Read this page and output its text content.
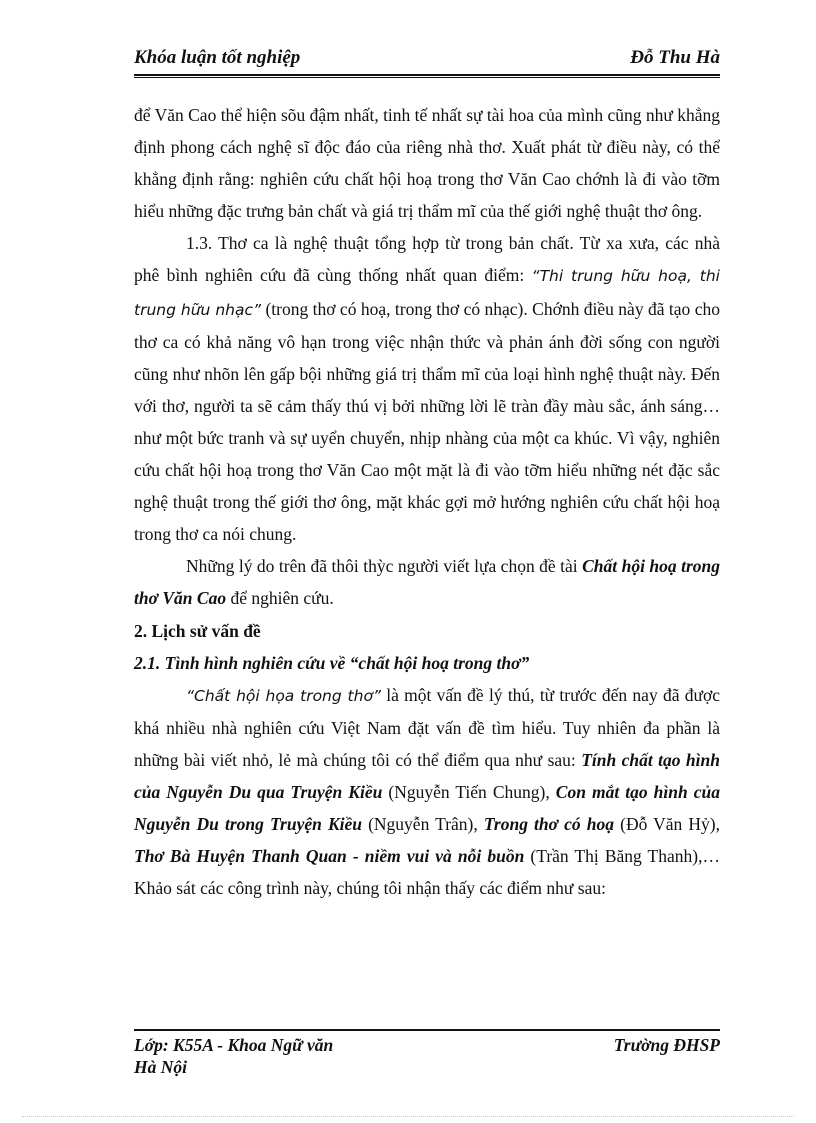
Khóa luận tốt nghiệp	Đỗ Thu Hà

để Văn Cao thể hiện sõu đậm nhất, tinh tế nhất sự tài hoa của mình cũng như khẳng định phong cách nghệ sĩ độc đáo của riêng nhà thơ. Xuất phát từ điều này, có thể khẳng định rằng: nghiên cứu chất hội hoạ trong thơ Văn Cao chớnh là đi vào tỡm hiểu những đặc trưng bản chất và giá trị thẩm mĩ của thế giới nghệ thuật thơ ông.

1.3. Thơ ca là nghệ thuật tổng hợp từ trong bản chất. Từ xa xưa, các nhà phê bình nghiên cứu đã cùng thống nhất quan điểm: “Thi trung hữu hoạ, thi trung hữu nhạc” (trong thơ có hoạ, trong thơ có nhạc). Chớnh điều này đã tạo cho thơ ca có khả năng vô hạn trong việc nhận thức và phản ánh đời sống con người cũng như nhõn lên gấp bội những giá trị thẩm mĩ của loại hình nghệ thuật này. Đến với thơ, người ta sẽ cảm thấy thú vị bởi những lời lẽ tràn đầy màu sắc, ánh sáng… như một bức tranh và sự uyển chuyển, nhịp nhàng của một ca khúc. Vì vậy, nghiên cứu chất hội hoạ trong thơ Văn Cao một mặt là đi vào tỡm hiểu những nét đặc sắc nghệ thuật trong thế giới thơ ông, mặt khác gợi mở hướng nghiên cứu chất hội hoạ trong thơ ca nói chung.

Những lý do trên đã thôi thỳc người viết lựa chọn đề tài Chất hội hoạ trong thơ Văn Cao để nghiên cứu.

2. Lịch sử vấn đề

2.1. Tình hình nghiên cứu về “chất hội hoạ trong thơ”

“Chất hội họa trong thơ” là một vấn đề lý thú, từ trước đến nay đã được khá nhiều nhà nghiên cứu Việt Nam đặt vấn đề tìm hiểu. Tuy nhiên đa phần là những bài viết nhỏ, lẻ mà chúng tôi có thể điểm qua như sau: Tính chất tạo hình của Nguyễn Du qua Truyện Kiều (Nguyễn Tiến Chung), Con mắt tạo hình của Nguyễn Du trong Truyện Kiều (Nguyễn Trân), Trong thơ có hoạ (Đỗ Văn Hỷ), Thơ Bà Huyện Thanh Quan - niềm vui và nỗi buồn (Trần Thị Băng Thanh),…Khảo sát các công trình này, chúng tôi nhận thấy các điểm như sau:

Lớp: K55A - Khoa Ngữ văn	Trường ĐHSP
Hà Nội
